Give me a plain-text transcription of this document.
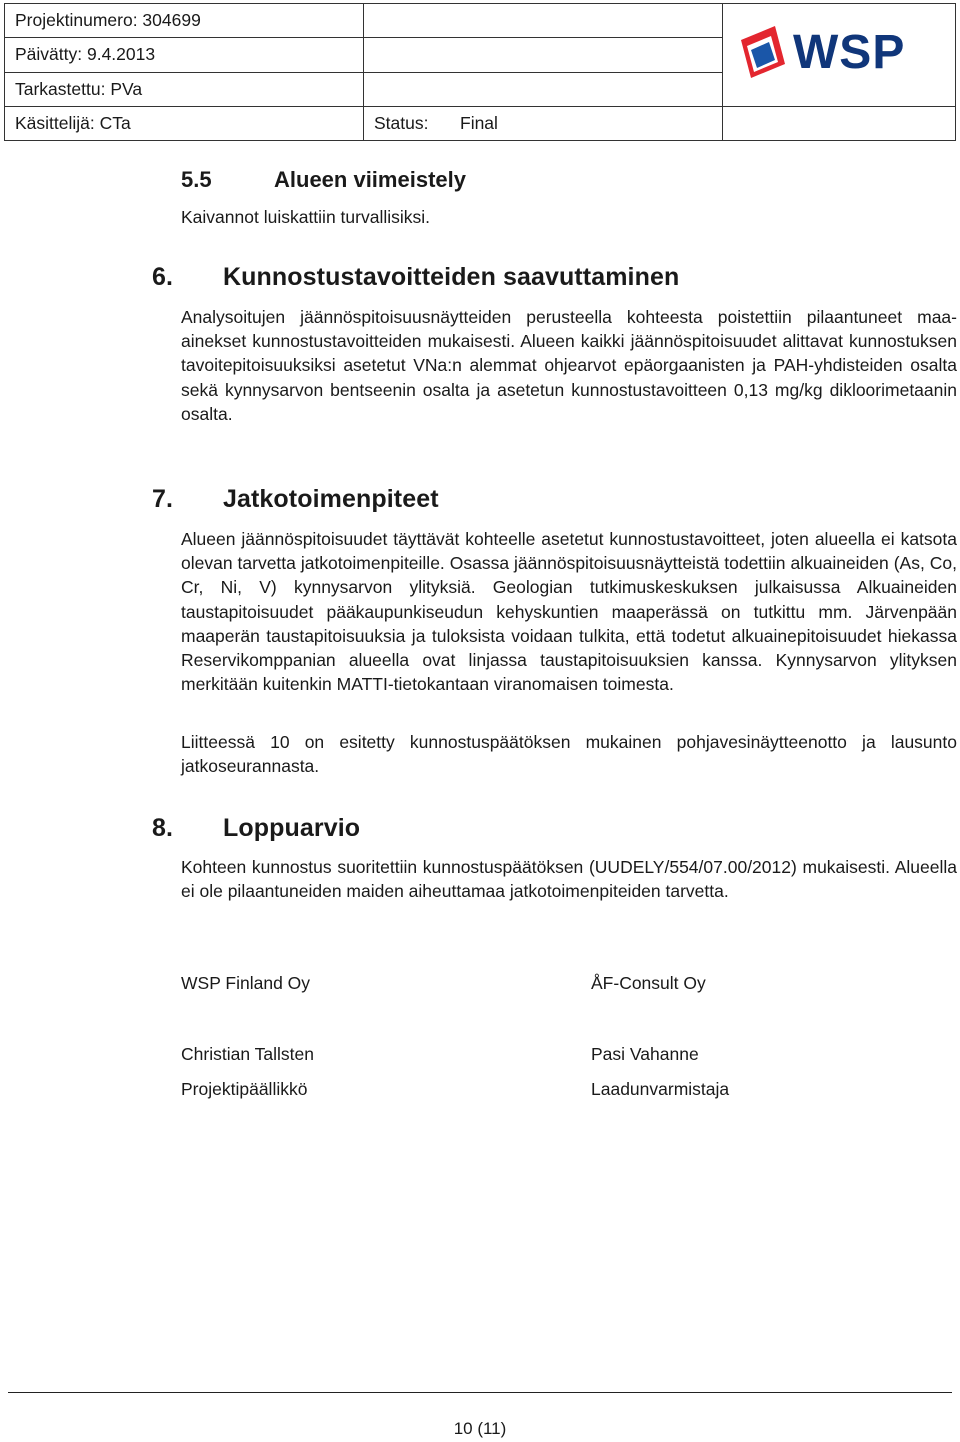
Projektinumero: 304699		WSP

Päivätty: 9.4.2013		
Tarkastettu: PVa		
Käsittelijä: CTa	Status: Final	
5.5	Alueen viimeistely

Kaivannot luiskattiin turvallisiksi.

6. Kunnostustavoitteiden saavuttaminen

Analysoitujen jäännöspitoisuusnäytteiden perusteella kohteesta poistettiin pilaantuneet maa-ainekset kunnostustavoitteiden mukaisesti. Alueen kaikki jäännöspitoisuudet alittavat kunnostuksen tavoitepitoisuuksiksi asetetut VNa:n alemmat ohjearvot epäorgaanisten ja PAH-yhdisteiden osalta sekä kynnysarvon bentseenin osalta ja asetetun kunnostustavoitteen 0,13 mg/kg dikloorimetaanin osalta.

7. Jatkotoimenpiteet

Alueen jäännöspitoisuudet täyttävät kohteelle asetetut kunnostustavoitteet, joten alueella ei katsota olevan tarvetta jatkotoimenpiteille. Osassa jäännöspitoisuusnäytteistä todettiin alkuaineiden (As, Co, Cr, Ni, V) kynnysarvon ylityksiä. Geologian tutkimuskeskuksen julkaisussa Alkuaineiden taustapitoisuudet pääkaupunkiseudun kehyskuntien maaperässä on tutkittu mm. Järvenpään maaperän taustapitoisuuksia ja tuloksista voidaan tulkita, että todetut alkuainepitoisuudet hiekassa Reservikomppanian alueella ovat linjassa taustapitoisuuksien kanssa. Kynnysarvon ylityksen merkitään kuitenkin MATTI-tietokantaan viranomaisen toimesta.

Liitteessä 10 on esitetty kunnostuspäätöksen mukainen pohjavesinäytteenotto ja lausunto jatkoseurannasta.

8. Loppuarvio

Kohteen kunnostus suoritettiin kunnostuspäätöksen (UUDELY/554/07.00/2012) mukaisesti. Alueella ei ole pilaantuneiden maiden aiheuttamaa jatkotoimenpiteiden tarvetta.

WSP Finland Oy	ÅF-Consult Oy

Christian Tallsten	Pasi Vahanne

Projektipäällikkö	Laadunvarmistaja

10 (11)
